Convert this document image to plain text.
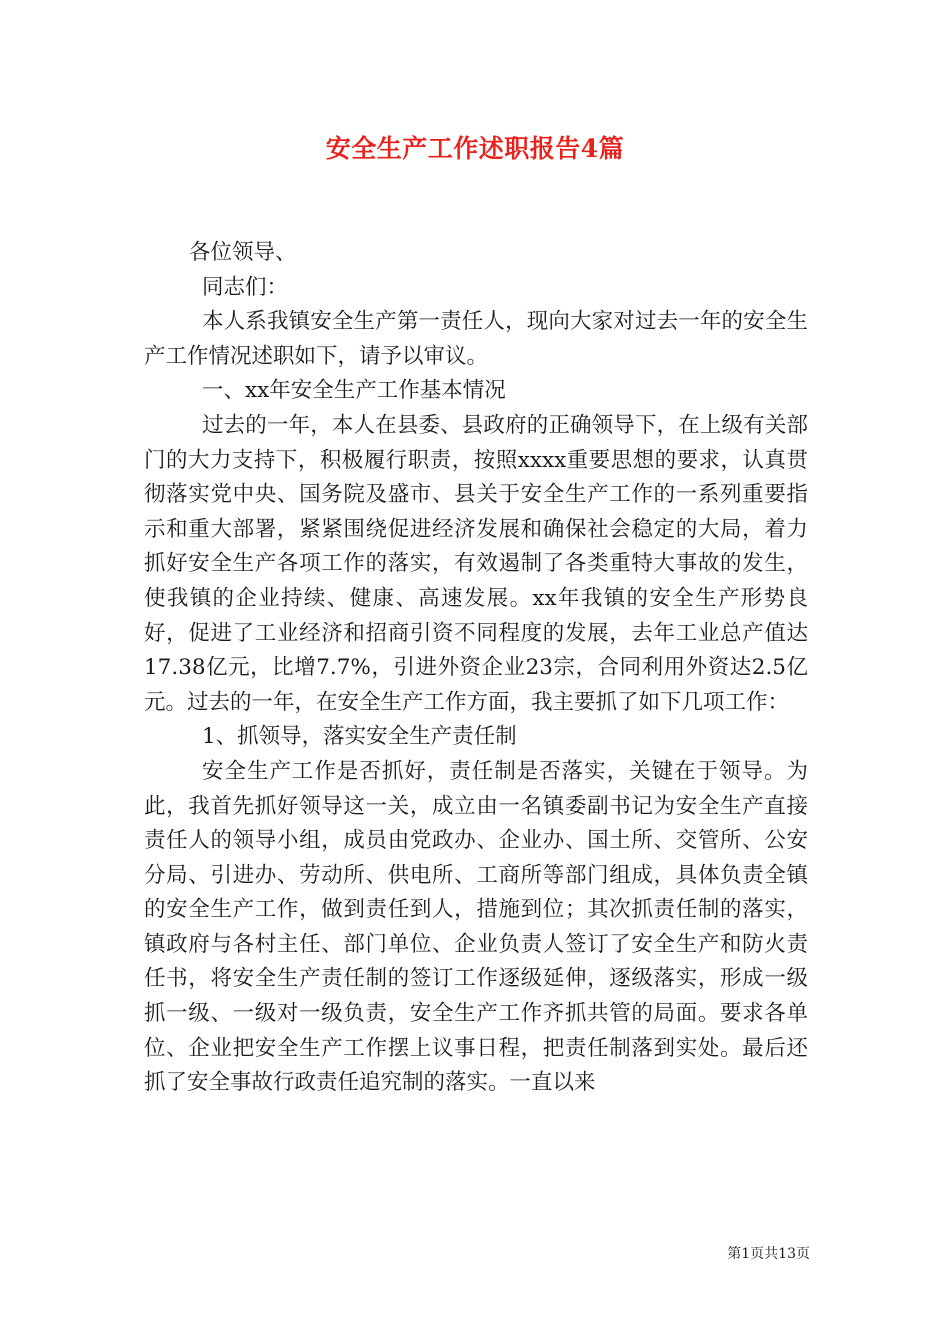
安全生产工作述职报告4篇

各位领导、

同志们：

本人系我镇安全生产第一责任人，现向大家对过去一年的安全生产工作情况述职如下，请予以审议。

一、xx年安全生产工作基本情况

过去的一年，本人在县委、县政府的正确领导下，在上级有关部门的大力支持下，积极履行职责，按照xxxx重要思想的要求，认真贯彻落实党中央、国务院及盛市、县关于安全生产工作的一系列重要指示和重大部署，紧紧围绕促进经济发展和确保社会稳定的大局，着力抓好安全生产各项工作的落实，有效遏制了各类重特大事故的发生，使我镇的企业持续、健康、高速发展。xx年我镇的安全生产形势良好，促进了工业经济和招商引资不同程度的发展，去年工业总产值达17.38亿元，比增7.7%，引进外资企业23宗，合同利用外资达2.5亿元。过去的一年，在安全生产工作方面，我主要抓了如下几项工作：

1、抓领导，落实安全生产责任制

安全生产工作是否抓好，责任制是否落实，关键在于领导。为此，我首先抓好领导这一关，成立由一名镇委副书记为安全生产直接责任人的领导小组，成员由党政办、企业办、国土所、交管所、公安分局、引进办、劳动所、供电所、工商所等部门组成，具体负责全镇的安全生产工作，做到责任到人，措施到位；其次抓责任制的落实，镇政府与各村主任、部门单位、企业负责人签订了安全生产和防火责任书，将安全生产责任制的签订工作逐级延伸，逐级落实，形成一级抓一级、一级对一级负责，安全生产工作齐抓共管的局面。要求各单位、企业把安全生产工作摆上议事日程，把责任制落到实处。最后还抓了安全事故行政责任追究制的落实。一直以来

第1页共13页
